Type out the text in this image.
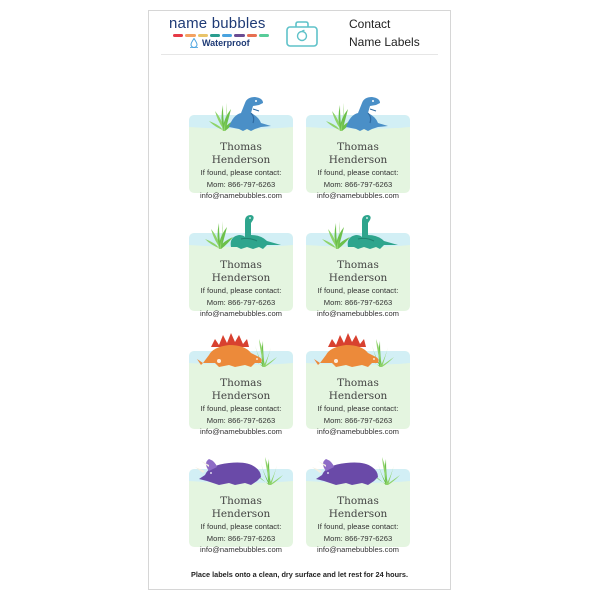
name bubbles
Waterproof
Contact
Name Labels
Thomas
Henderson
If found, please contact:
Mom: 866-797-6263
info@namebubbles.com
Thomas
Henderson
If found, please contact:
Mom: 866-797-6263
info@namebubbles.com
Thomas
Henderson
If found, please contact:
Mom: 866-797-6263
info@namebubbles.com
Thomas
Henderson
If found, please contact:
Mom: 866-797-6263
info@namebubbles.com
Thomas
Henderson
If found, please contact:
Mom: 866-797-6263
info@namebubbles.com
Thomas
Henderson
If found, please contact:
Mom: 866-797-6263
info@namebubbles.com
Thomas
Henderson
If found, please contact:
Mom: 866-797-6263
info@namebubbles.com
Thomas
Henderson
If found, please contact:
Mom: 866-797-6263
info@namebubbles.com
Place labels onto a clean, dry surface and let rest for 24 hours.
